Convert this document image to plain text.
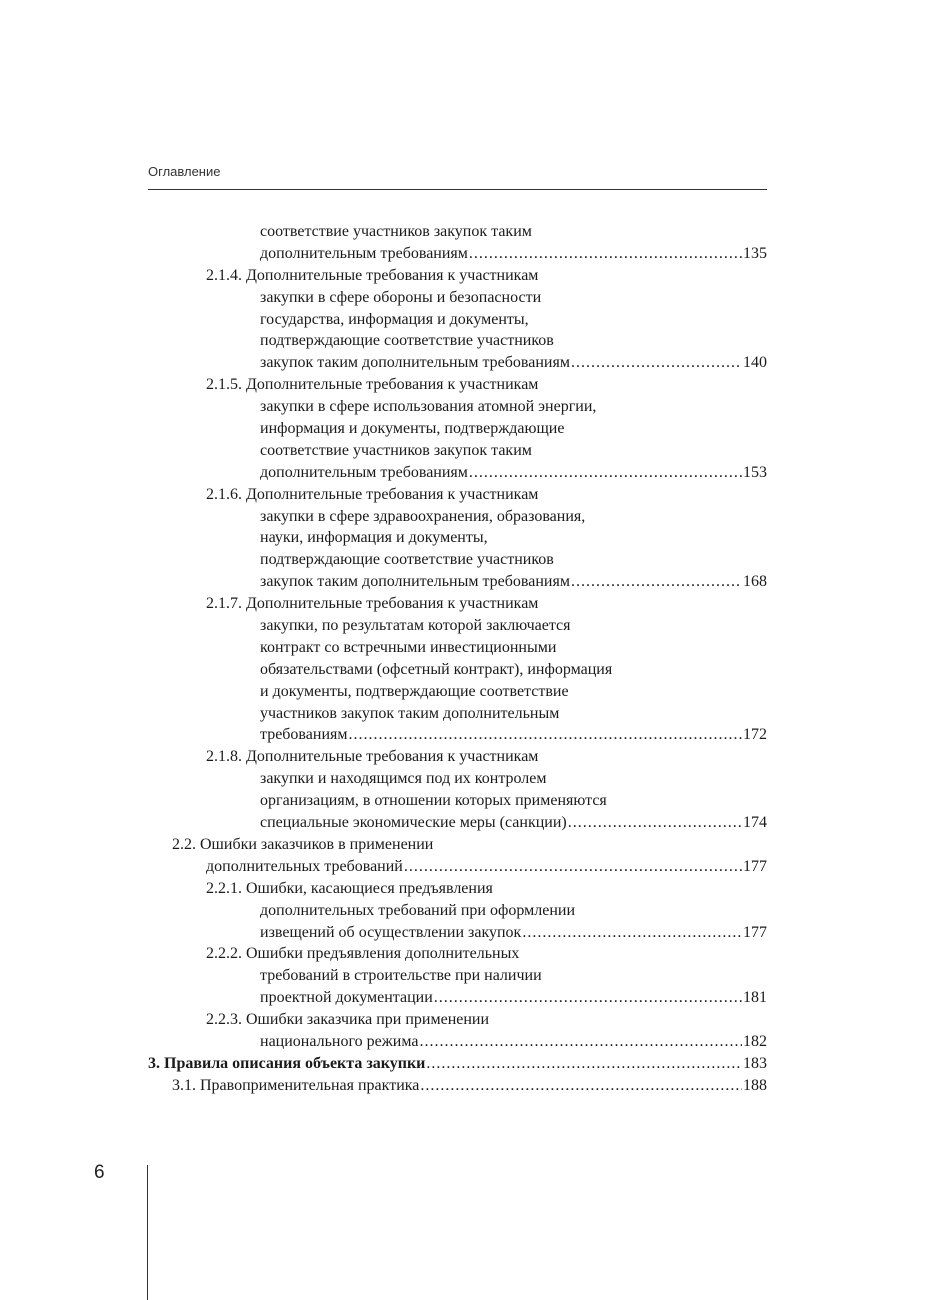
Оглавление
соответствие участников закупок таким
дополнительным требованиям .....	135
2.1.4. Дополнительные требования к участникам
закупки в сфере обороны и безопасности
государства, информация и документы,
подтверждающие соответствие участников
закупок таким дополнительным требованиям .....	140
2.1.5. Дополнительные требования к участникам
закупки в сфере использования атомной энергии,
информация и документы, подтверждающие
соответствие участников закупок таким
дополнительным требованиям .....	153
2.1.6. Дополнительные требования к участникам
закупки в сфере здравоохранения, образования,
науки, информация и документы,
подтверждающие соответствие участников
закупок таким дополнительным требованиям .....	168
2.1.7. Дополнительные требования к участникам
закупки, по результатам которой заключается
контракт со встречными инвестиционными
обязательствами (офсетный контракт), информация
и документы, подтверждающие соответствие
участников закупок таким дополнительным
требованиям .....	172
2.1.8. Дополнительные требования к участникам
закупки и находящимся под их контролем
организациям, в отношении которых применяются
специальные экономические меры (санкции) .....	174
2.2. Ошибки заказчиков в применении
дополнительных требований .....	177
2.2.1. Ошибки, касающиеся предъявления
дополнительных требований при оформлении
извещений об осуществлении закупок .....	177
2.2.2. Ошибки предъявления дополнительных
требований в строительстве при наличии
проектной документации .....	181
2.2.3. Ошибки заказчика при применении
национального режима .....	182
3. Правила описания объекта закупки .....	183
3.1. Правоприменительная практика .....	188
6
